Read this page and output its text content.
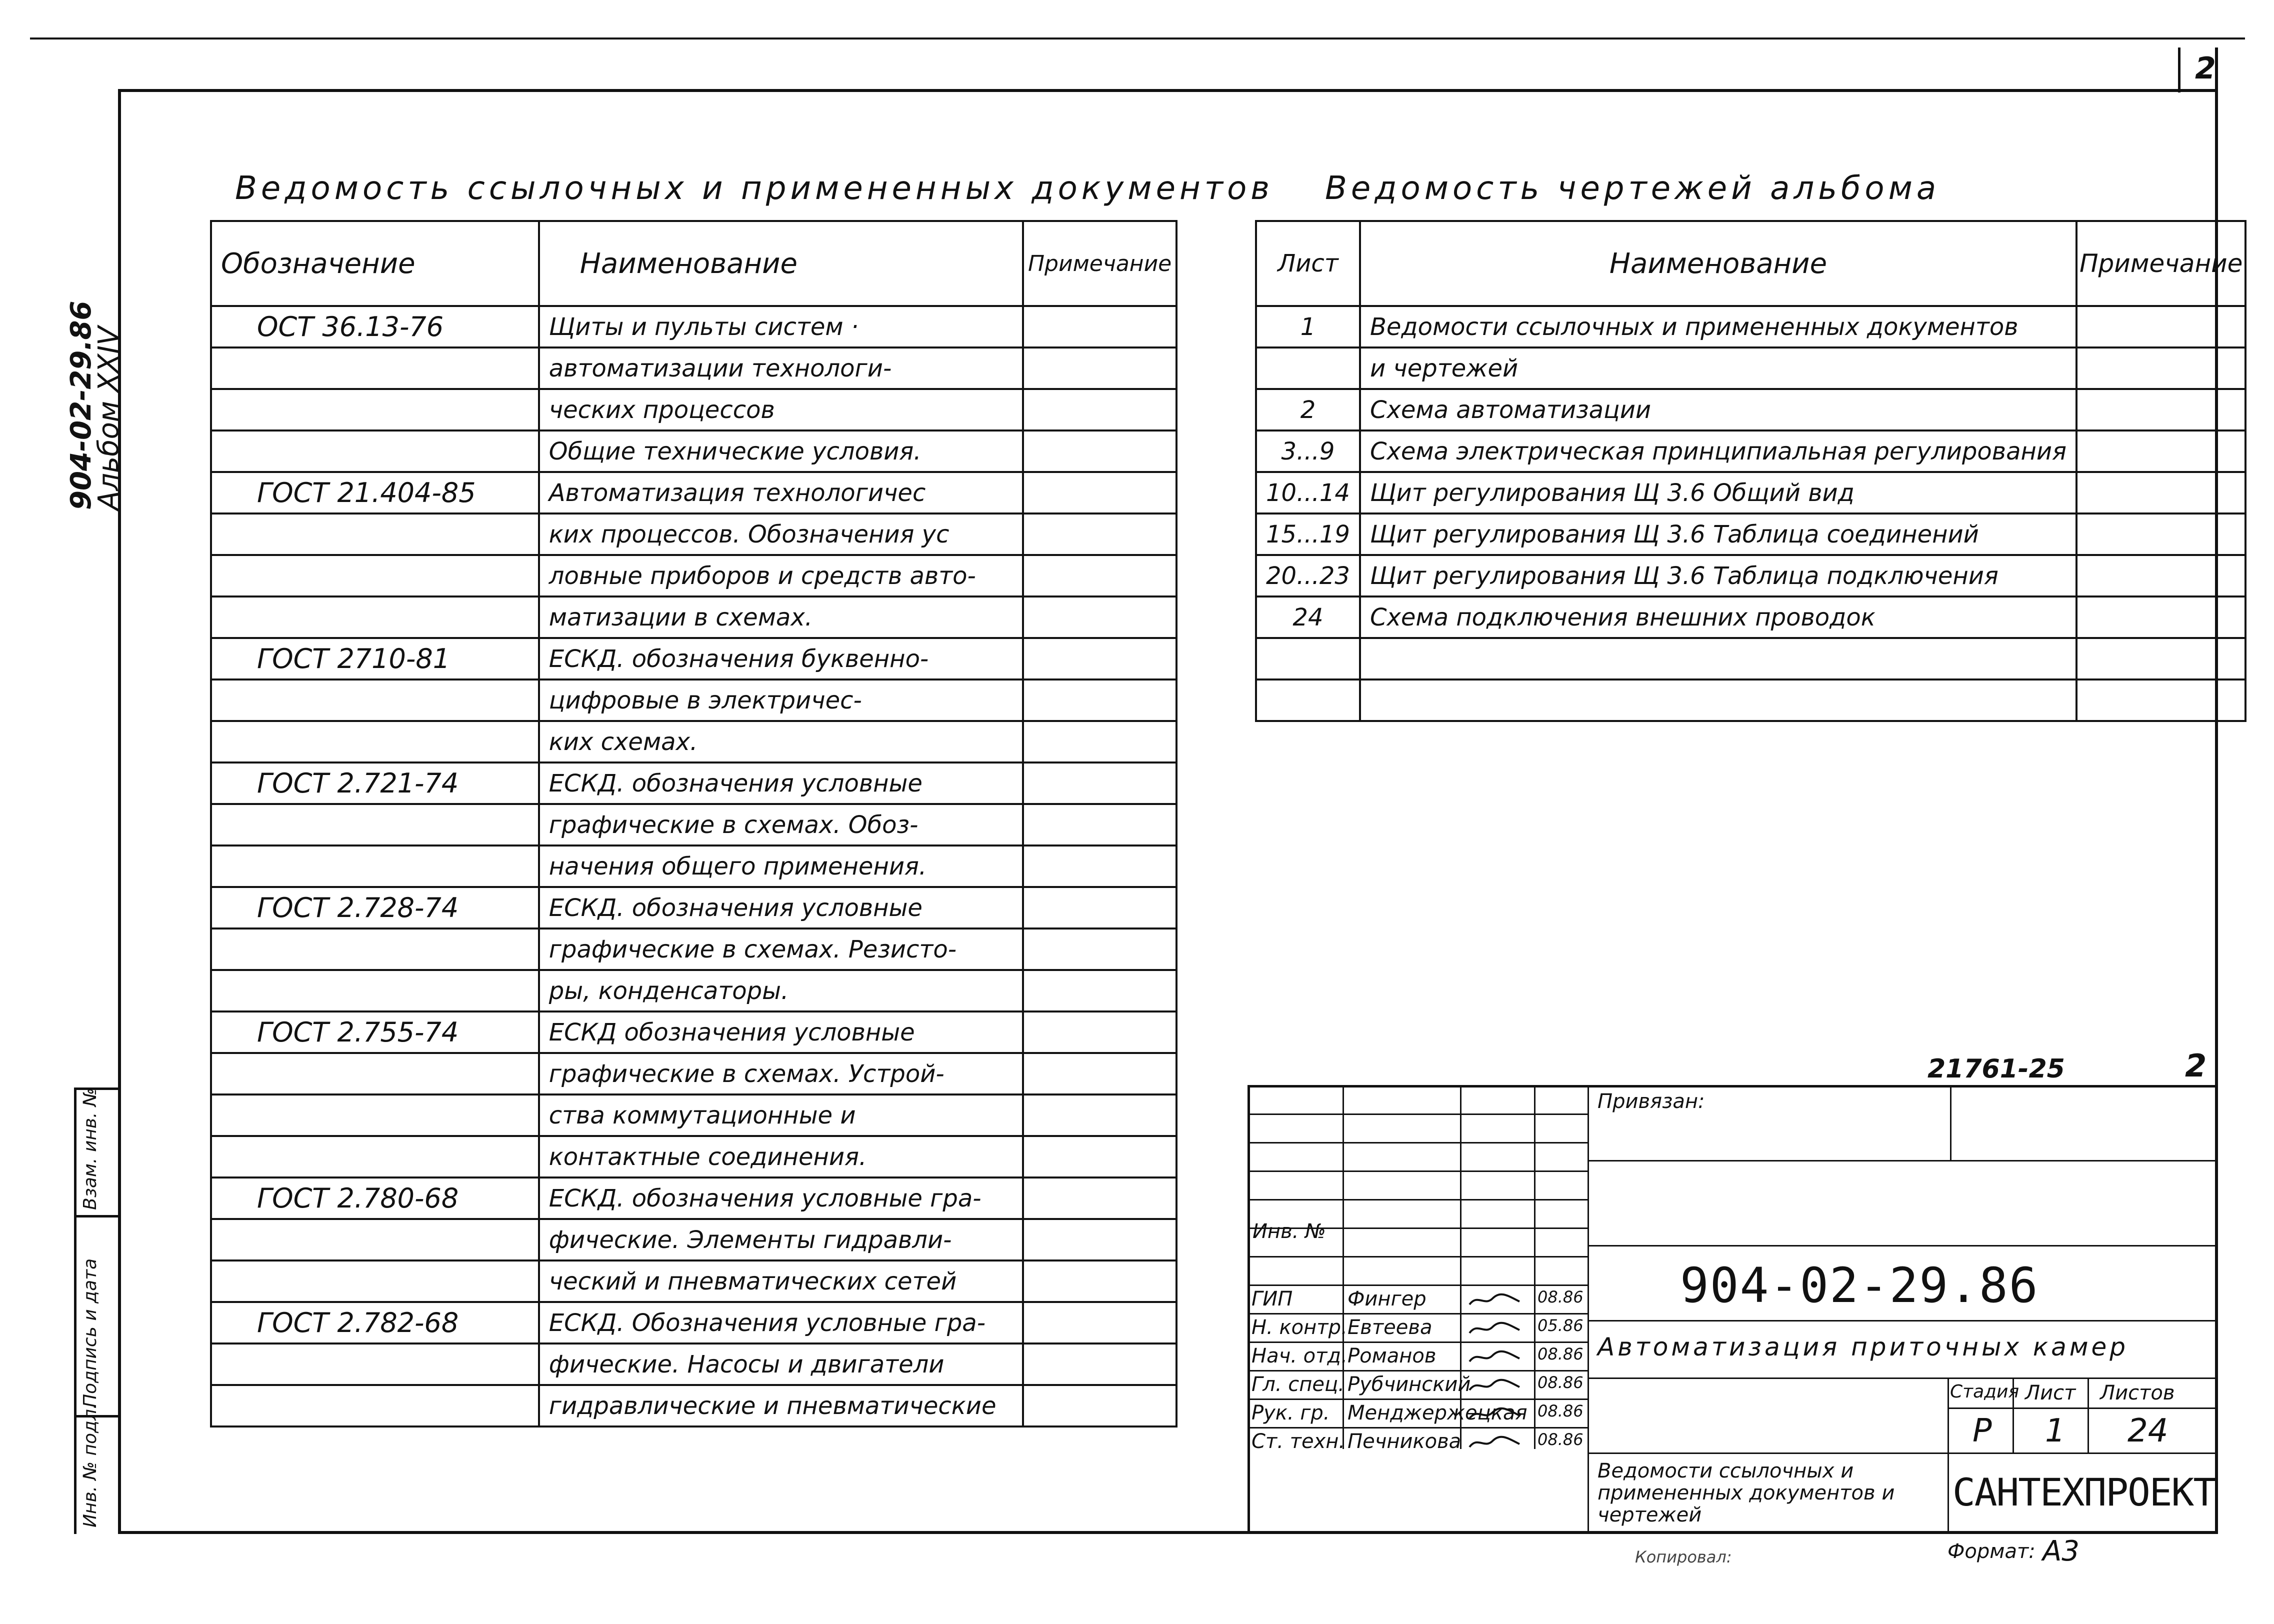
2
904-02-29.86
Альбом XXIV
Взам. инв. №
Подпись и дата
Инв. № подл.
Ведомость ссылочных и примененных документов
Обозначение	Наименование	Примечание
ОСТ 36.13-76	Щиты и пульты систем ·	
	автоматизации технологи-	
	ческих процессов	
	Общие технические условия.	
ГОСТ 21.404-85	Автоматизация технологичес	
	ких процессов. Обозначения ус	
	ловные приборов и средств авто-	
	матизации в схемах.	
ГОСТ 2710-81	ЕСКД. обозначения буквенно-	
	цифровые в электричес-	
	ких схемах.	
ГОСТ 2.721-74	ЕСКД. обозначения условные	
	графические в схемах. Обоз-	
	начения общего применения.	
ГОСТ 2.728-74	ЕСКД. обозначения условные	
	графические в схемах. Резисто-	
	ры, конденсаторы.	
ГОСТ 2.755-74	ЕСКД обозначения условные	
	графические в схемах. Устрой-	
	ства коммутационные и	
	контактные соединения.	
ГОСТ 2.780-68	ЕСКД. обозначения условные гра-	
	фические. Элементы гидравли-	
	ческий и пневматических сетей	
ГОСТ 2.782-68	ЕСКД. Обозначения условные гра-	
	фические. Насосы и двигатели	
	гидравлические и пневматические	
Ведомость чертежей альбома
Лист	Наименование	Примечание
1	Ведомости ссылочных и примененных документов	
	и чертежей	
2	Схема автоматизации	
3...9	Схема электрическая принципиальная регулирования	
10...14	Щит регулирования Щ 3.6 Общий вид	
15...19	Щит регулирования Щ 3.6 Таблица соединений	
20...23	Щит регулирования Щ 3.6 Таблица подключения	
24	Схема подключения внешних проводок	

21761-25	2
Привязан:
904-02-29.86
Автоматизация приточных камер
Стадия Лист Листов
Р 1 24
Ведомости ссылочных и примененных документов и чертежей
САНТЕХПРОЕКТ
Инв. №
ГИП	Фингер	08.86
Н. контр. Евтеева	05.86
Нач. отд. Романов	08.86
Гл. спец. Рубчинский	08.86
Рук. гр. Менджержецкая 08.86
Ст. техн. Печникова	08.86
Копировал:	Формат: А3
